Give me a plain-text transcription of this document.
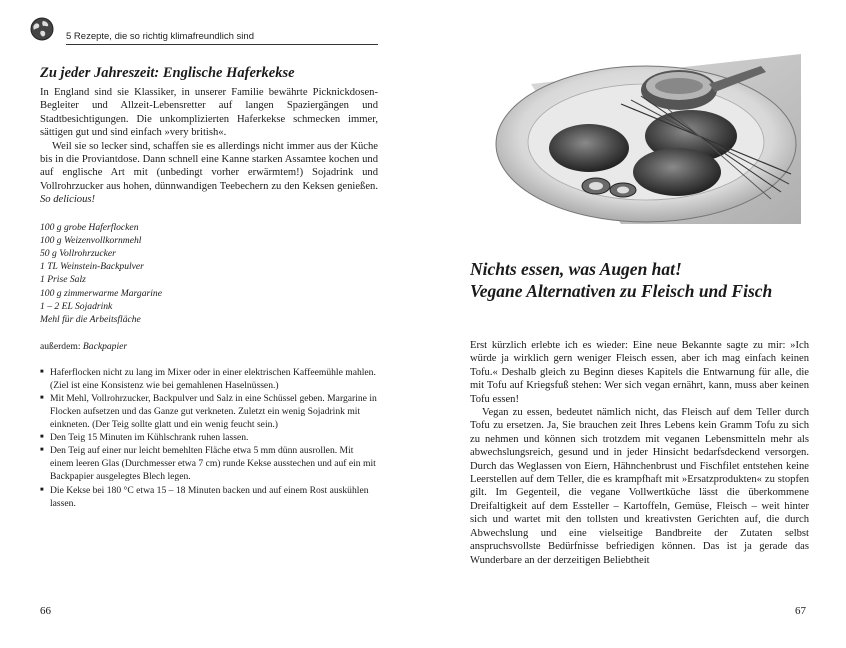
5 Rezepte, die so richtig klimafreundlich sind
Zu jeder Jahreszeit: Englische Haferkekse

In England sind sie Klassiker, in unserer Familie bewährte Picknickdosen-Begleiter und Allzeit-Lebensretter auf langen Spaziergängen und Stadtbesichtigungen. Die unkomplizierten Haferkekse schmecken immer, sättigen gut und sind einfach »very british«.

Weil sie so lecker sind, schaffen sie es allerdings nicht immer aus der Küche bis in die Proviantdose. Dann schnell eine Kanne starken Assamtee kochen und auf englische Art mit (unbedingt vorher erwärmtem!) Sojadrink und Vollrohrzucker aus hohen, dünnwandigen Teebechern zu den Keksen genießen. So delicious!

100 g grobe Haferflocken
100 g Weizenvollkornmehl
50 g Vollrohrzucker
1 TL Weinstein-Backpulver
1 Prise Salz
100 g zimmerwarme Margarine
1 – 2 EL Sojadrink
Mehl für die Arbeitsfläche
außerdem: Backpapier
■ Haferflocken nicht zu lang im Mixer oder in einer elektrischen Kaffeemühle mahlen. (Ziel ist eine Konsistenz wie bei gemahlenen Haselnüssen.)
■ Mit Mehl, Vollrohrzucker, Backpulver und Salz in eine Schüssel geben. Margarine in Flocken aufsetzen und das Ganze gut verkneten. Zuletzt ein wenig Sojadrink mit einkneten. (Der Teig sollte glatt und ein wenig feucht sein.)
■ Den Teig 15 Minuten im Kühlschrank ruhen lassen.
■ Den Teig auf einer nur leicht bemehlten Fläche etwa 5 mm dünn ausrollen. Mit einem leeren Glas (Durchmesser etwa 7 cm) runde Kekse ausstechen und auf ein mit Backpapier ausgelegtes Blech legen.
■ Die Kekse bei 180 °C etwa 15 – 18 Minuten backen und auf einem Rost auskühlen lassen.
66
Nichts essen, was Augen hat!
Vegane Alternativen zu Fleisch und Fisch

Erst kürzlich erlebte ich es wieder: Eine neue Bekannte sagte zu mir: »Ich würde ja wirklich gern weniger Fleisch essen, aber ich mag einfach keinen Tofu.« Deshalb gleich zu Beginn dieses Kapitels die Entwarnung für alle, die mit Tofu auf Kriegsfuß stehen: Wer sich vegan ernährt, kann, muss aber keinen Tofu essen!

Vegan zu essen, bedeutet nämlich nicht, das Fleisch auf dem Teller durch Tofu zu ersetzen. Ja, Sie brauchen zeit Ihres Lebens kein Gramm Tofu zu sich zu nehmen und können sich trotzdem mit veganen Lebensmitteln mehr als abwechslungsreich, gesund und in jeder Hinsicht bedarfsdeckend versorgen. Durch das Weglassen von Eiern, Hähnchenbrust und Fischfilet entstehen keine Leerstellen auf dem Teller, die es krampfhaft mit »Ersatzprodukten« zu stopfen gilt. Im Gegenteil, die vegane Vollwertküche lässt die überkommene Dreifaltigkeit auf dem Essteller – Kartoffeln, Gemüse, Fleisch – weit hinter sich und wartet mit den tollsten und kreativsten Gerichten auf, die durch Abwechslung und eine vielseitige Bandbreite der Zutaten selbst anspruchsvollste Bedürfnisse befriedigen können. Das ist ja gerade das Wunderbare an der derzeitigen Beliebtheit

67
